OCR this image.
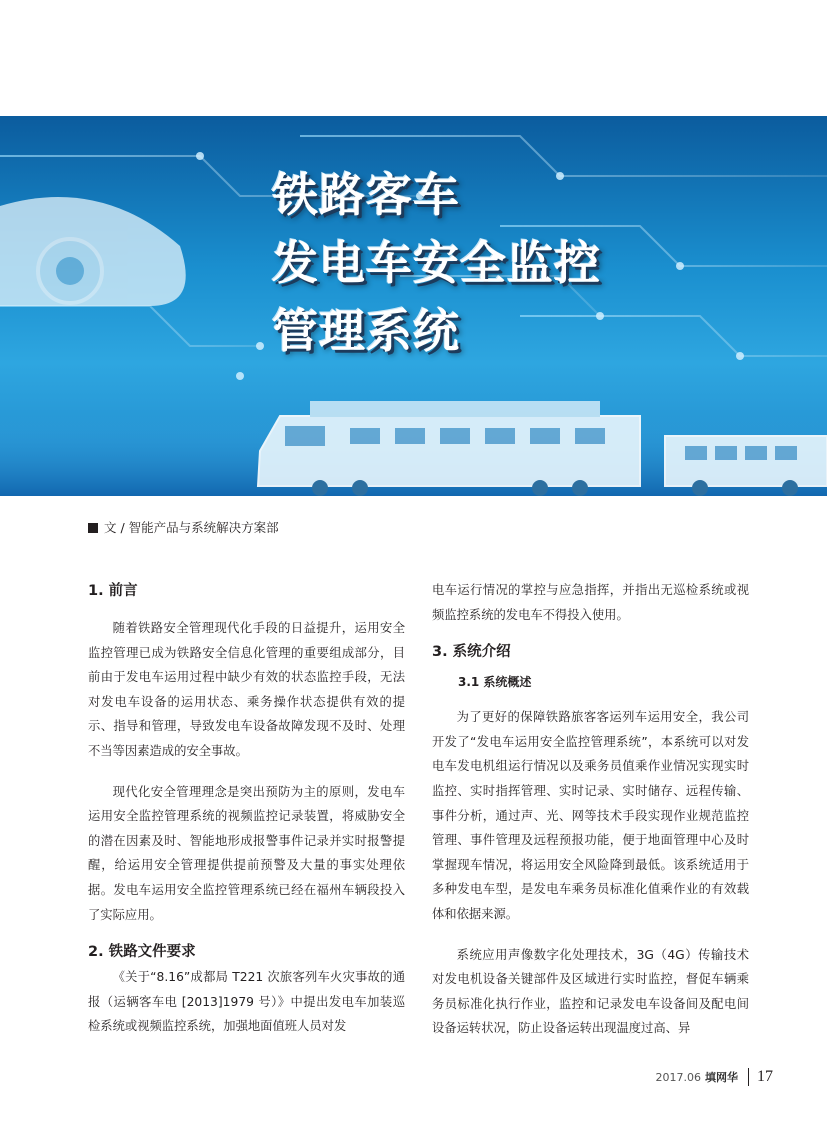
铁路客车
发电车安全监控
管理系统
文 / 智能产品与系统解决方案部
1. 前言

随着铁路安全管理现代化手段的日益提升，运用安全监控管理已成为铁路安全信息化管理的重要组成部分，目前由于发电车运用过程中缺少有效的状态监控手段，无法对发电车设备的运用状态、乘务操作状态提供有效的提示、指导和管理，导致发电车设备故障发现不及时、处理不当等因素造成的安全事故。

现代化安全管理理念是突出预防为主的原则，发电车运用安全监控管理系统的视频监控记录装置，将威胁安全的潜在因素及时、智能地形成报警事件记录并实时报警提醒，给运用安全管理提供提前预警及大量的事实处理依据。发电车运用安全监控管理系统已经在福州车辆段投入了实际应用。

2. 铁路文件要求

《关于“8.16”成都局 T221 次旅客列车火灾事故的通报（运辆客车电 [2013]1979 号）》中提出发电车加装巡检系统或视频监控系统，加强地面值班人员对发

电车运行情况的掌控与应急指挥，并指出无巡检系统或视频监控系统的发电车不得投入使用。

3. 系统介绍
3.1 系统概述

为了更好的保障铁路旅客客运列车运用安全，我公司开发了“发电车运用安全监控管理系统”，本系统可以对发电车发电机组运行情况以及乘务员值乘作业情况实现实时监控、实时指挥管理、实时记录、实时储存、远程传输、事件分析，通过声、光、网等技术手段实现作业规范监控管理、事件管理及远程预报功能，便于地面管理中心及时掌握现车情况，将运用安全风险降到最低。该系统适用于多种发电车型，是发电车乘务员标准化值乘作业的有效载体和依据来源。

系统应用声像数字化处理技术，3G（4G）传输技术对发电机设备关键部件及区域进行实时监控，督促车辆乘务员标准化执行作业，监控和记录发电车设备间及配电间设备运转状况，防止设备运转出现温度过高、异

2017.06 填网华	17
